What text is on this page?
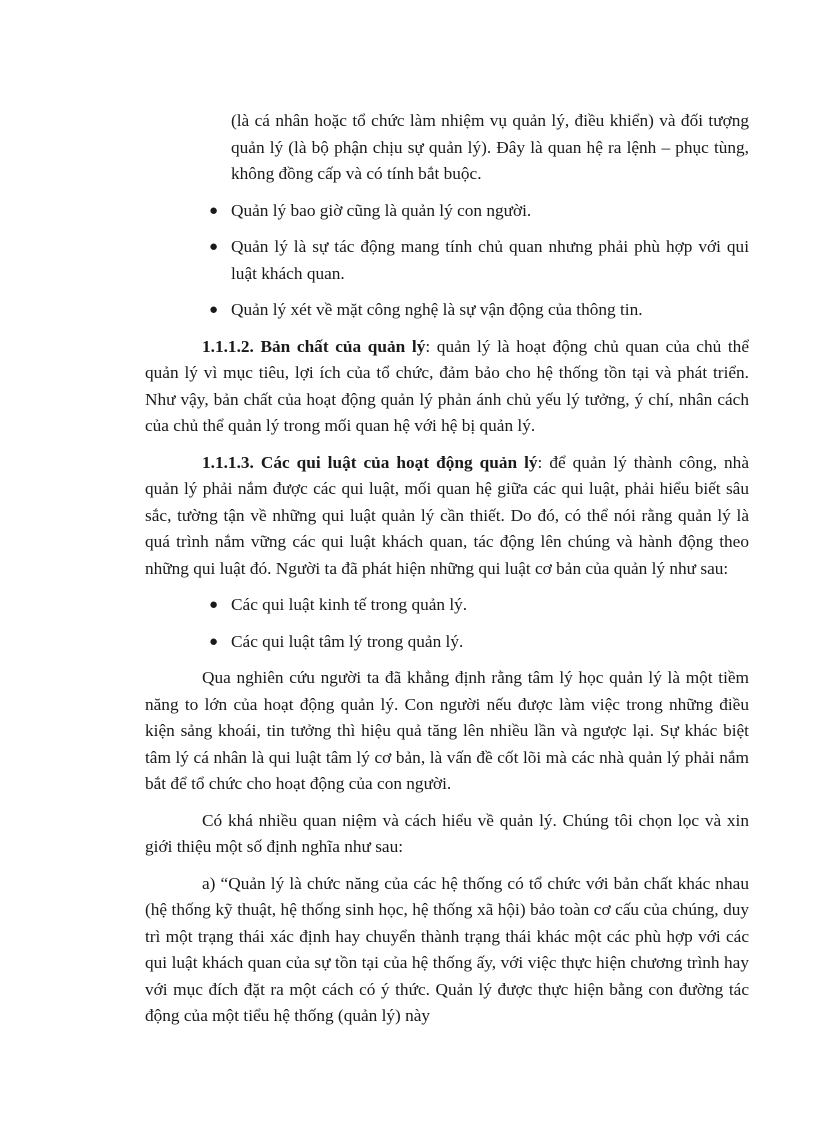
(là cá nhân hoặc tổ chức làm nhiệm vụ quản lý, điều khiển) và đối tượng quản lý (là bộ phận chịu sự quản lý). Đây là quan hệ ra lệnh – phục tùng, không đồng cấp và có tính bắt buộc.

● Quản lý bao giờ cũng là quản lý con người.
● Quản lý là sự tác động mang tính chủ quan nhưng phải phù hợp với qui luật khách quan.
● Quản lý xét về mặt công nghệ là sự vận động của thông tin.

1.1.1.2. Bản chất của quản lý: quản lý là hoạt động chủ quan của chủ thể quản lý vì mục tiêu, lợi ích của tổ chức, đảm bảo cho hệ thống tồn tại và phát triển. Như vậy, bản chất của hoạt động quản lý phản ánh chủ yếu lý tưởng, ý chí, nhân cách của chủ thể quản lý trong mối quan hệ với hệ bị quản lý.

1.1.1.3. Các qui luật của hoạt động quản lý: để quản lý thành công, nhà quản lý phải nắm được các qui luật, mối quan hệ giữa các qui luật, phải hiểu biết sâu sắc, tường tận về những qui luật quản lý cần thiết. Do đó, có thể nói rằng quản lý là quá trình nắm vững các qui luật khách quan, tác động lên chúng và hành động theo những qui luật đó. Người ta đã phát hiện những qui luật cơ bản của quản lý như sau:

● Các qui luật kinh tế trong quản lý.
● Các qui luật tâm lý trong quản lý.

Qua nghiên cứu người ta đã khẳng định rằng tâm lý học quản lý là một tiềm năng to lớn của hoạt động quản lý. Con người nếu được làm việc trong những điều kiện sảng khoái, tin tưởng thì hiệu quả tăng lên nhiều lần và ngược lại. Sự khác biệt tâm lý cá nhân là qui luật tâm lý cơ bản, là vấn đề cốt lõi mà các nhà quản lý phải nắm bắt để tổ chức cho hoạt động của con người.

Có khá nhiều quan niệm và cách hiểu về quản lý. Chúng tôi chọn lọc và xin giới thiệu một số định nghĩa như sau:

a) “Quản lý là chức năng của các hệ thống có tổ chức với bản chất khác nhau (hệ thống kỹ thuật, hệ thống sinh học, hệ thống xã hội) bảo toàn cơ cấu của chúng, duy trì một trạng thái xác định hay chuyển thành trạng thái khác một các phù hợp với các qui luật khách quan của sự tồn tại của hệ thống ấy, với việc thực hiện chương trình hay với mục đích đặt ra một cách có ý thức. Quản lý được thực hiện bằng con đường tác động của một tiểu hệ thống (quản lý) này
